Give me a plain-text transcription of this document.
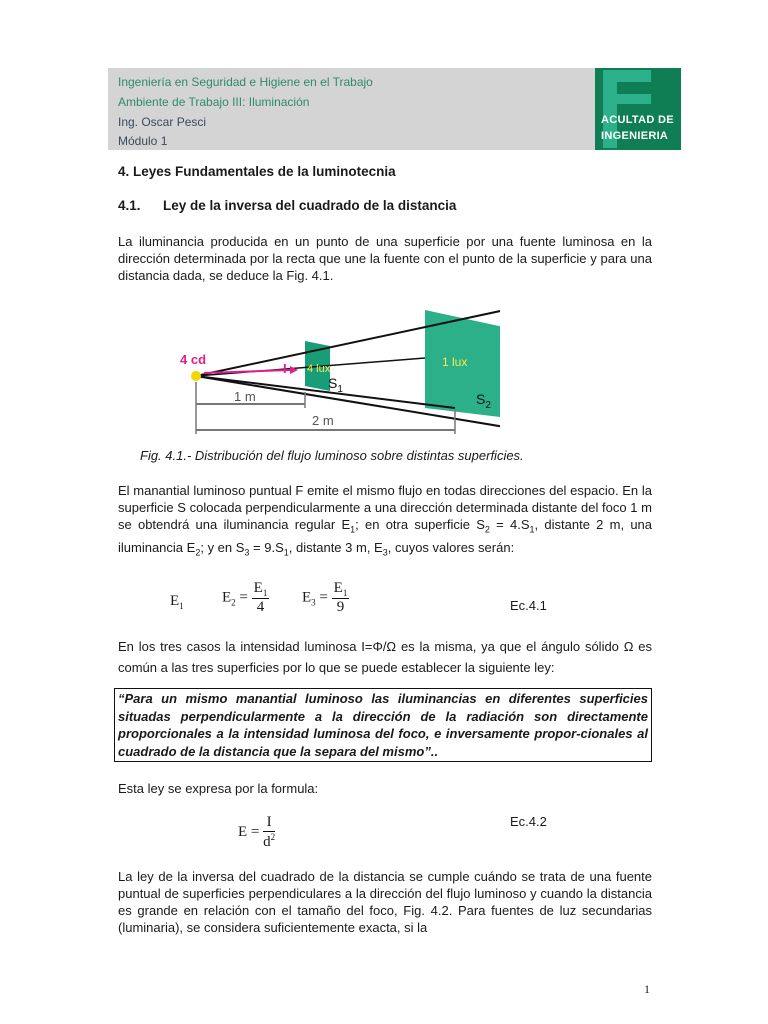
Ingeniería en Seguridad e Higiene en el Trabajo
Ambiente de Trabajo III: Iluminación
Ing. Oscar Pesci
Módulo 1
ACULTAD DE
INGENIERIA
4. Leyes Fundamentales de la luminotecnia
4.1. Ley de la inversa del cuadrado de la distancia

La iluminancia producida en un punto de una superficie por una fuente luminosa en la dirección determinada por la recta que une la fuente con el punto de la superficie y para una distancia dada, se deduce la Fig. 4.1.

4 cd
I 4 lux	1 lux
$S_1$
$S_2$
1 m
2 m
Fig. 4.1.- Distribución del flujo luminoso sobre distintas superficies.

El manantial luminoso puntual F emite el mismo flujo en todas direcciones del espacio. En la superficie S colocada perpendicularmente a una dirección determinada distante del foco 1 m se obtendrá una iluminancia regular $E_1$; en otra superficie $S_2 = 4.S_1$, distante 2 m, una iluminancia $E_2$; y en $S_3 = 9.S_1$, distante 3 m, $E_3$, cuyos valores serán:

$E_1$
$E_2 = \frac{E_1}{4} E_3 = \frac{E_1}{9}$	Ec.4.1

En los tres casos la intensidad luminosa I=Φ/Ω es la misma, ya que el ángulo sólido Ω es común a las tres superficies por lo que se puede establecer la siguiente ley:

“Para un mismo manantial luminoso las iluminancias en diferentes superficies situadas perpendicularmente a la dirección de la radiación son directamente proporcionales a la intensidad luminosa del foco, e inversamente propor-cionales al cuadrado de la distancia que la separa del mismo”..

Esta ley se expresa por la formula:
$E = \frac{I}{d^2}$	Ec.4.2

La ley de la inversa del cuadrado de la distancia se cumple cuándo se trata de una fuente puntual de superficies perpendiculares a la dirección del flujo luminoso y cuando la distancia es grande en relación con el tamaño del foco, Fig. 4.2. Para fuentes de luz secundarias (luminaria), se considera suficientemente exacta, si la

1
